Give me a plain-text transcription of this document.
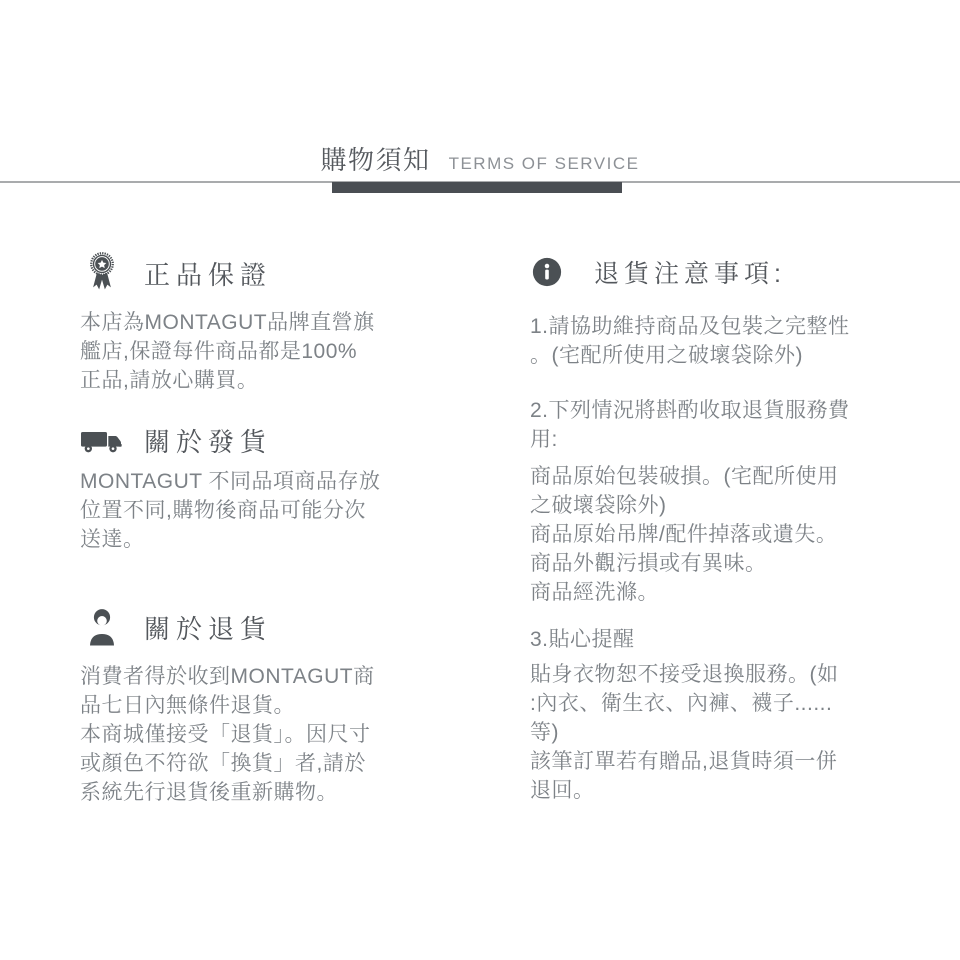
購物須知 TERMS OF SERVICE
正品保證
本店為MONTAGUT品牌直營旗
艦店,保證每件商品都是100%
正品,請放心購買。
關於發貨
MONTAGUT 不同品項商品存放
位置不同,購物後商品可能分次
送達。
關於退貨
消費者得於收到MONTAGUT商
品七日內無條件退貨。
本商城僅接受「退貨」。因尺寸
或顏色不符欲「換貨」者,請於
系統先行退貨後重新購物。
退貨注意事項:
1.請協助維持商品及包裝之完整性
。(宅配所使用之破壞袋除外)
2.下列情況將斟酌收取退貨服務費
用:
商品原始包裝破損。(宅配所使用
之破壞袋除外)
商品原始吊牌/配件掉落或遺失。
商品外觀污損或有異味。
商品經洗滌。
3.貼心提醒
貼身衣物恕不接受退換服務。(如
:內衣、衛生衣、內褲、襪子......
等)
該筆訂單若有贈品,退貨時須一併
退回。
